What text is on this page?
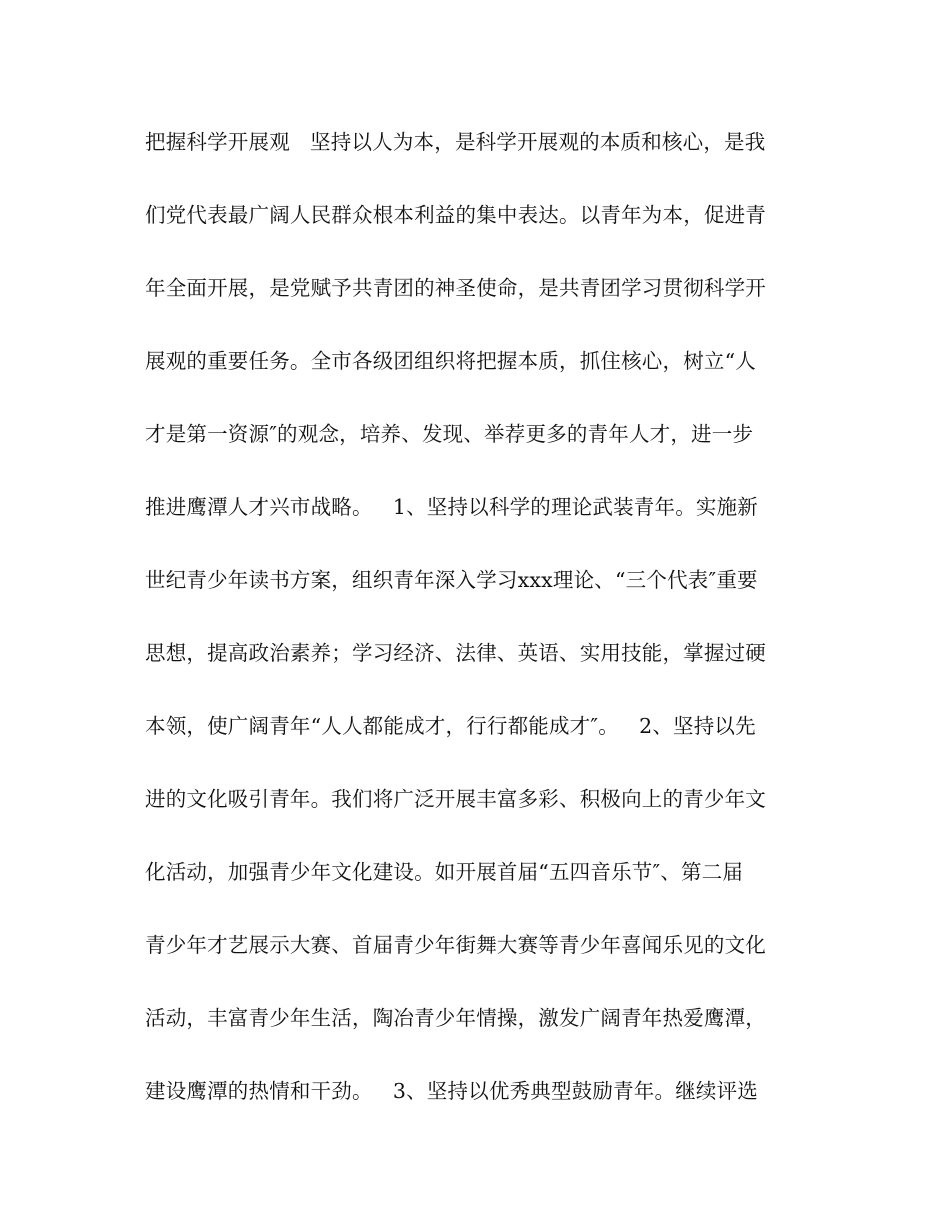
把握科学开展观   坚持以人为本，是科学开展观的本质和核心，是我
们党代表最广阔人民群众根本利益的集中表达。以青年为本，促进青
年全面开展，是党赋予共青团的神圣使命，是共青团学习贯彻科学开
展观的重要任务。全市各级团组织将把握本质，抓住核心，树立“人
才是第一资源″的观念，培养、发现、举荐更多的青年人才，进一步
推进鹰潭人才兴市战略。   1、坚持以科学的理论武装青年。实施新
世纪青少年读书方案，组织青年深入学习xxx理论、“三个代表″重要
思想，提高政治素养；学习经济、法律、英语、实用技能，掌握过硬
本领，使广阔青年“人人都能成才，行行都能成才″。   2、坚持以先
进的文化吸引青年。我们将广泛开展丰富多彩、积极向上的青少年文
化活动，加强青少年文化建设。如开展首届“五四音乐节″、第二届
青少年才艺展示大赛、首届青少年街舞大赛等青少年喜闻乐见的文化
活动，丰富青少年生活，陶冶青少年情操，激发广阔青年热爱鹰潭，
建设鹰潭的热情和干劲。   3、坚持以优秀典型鼓励青年。继续评选
